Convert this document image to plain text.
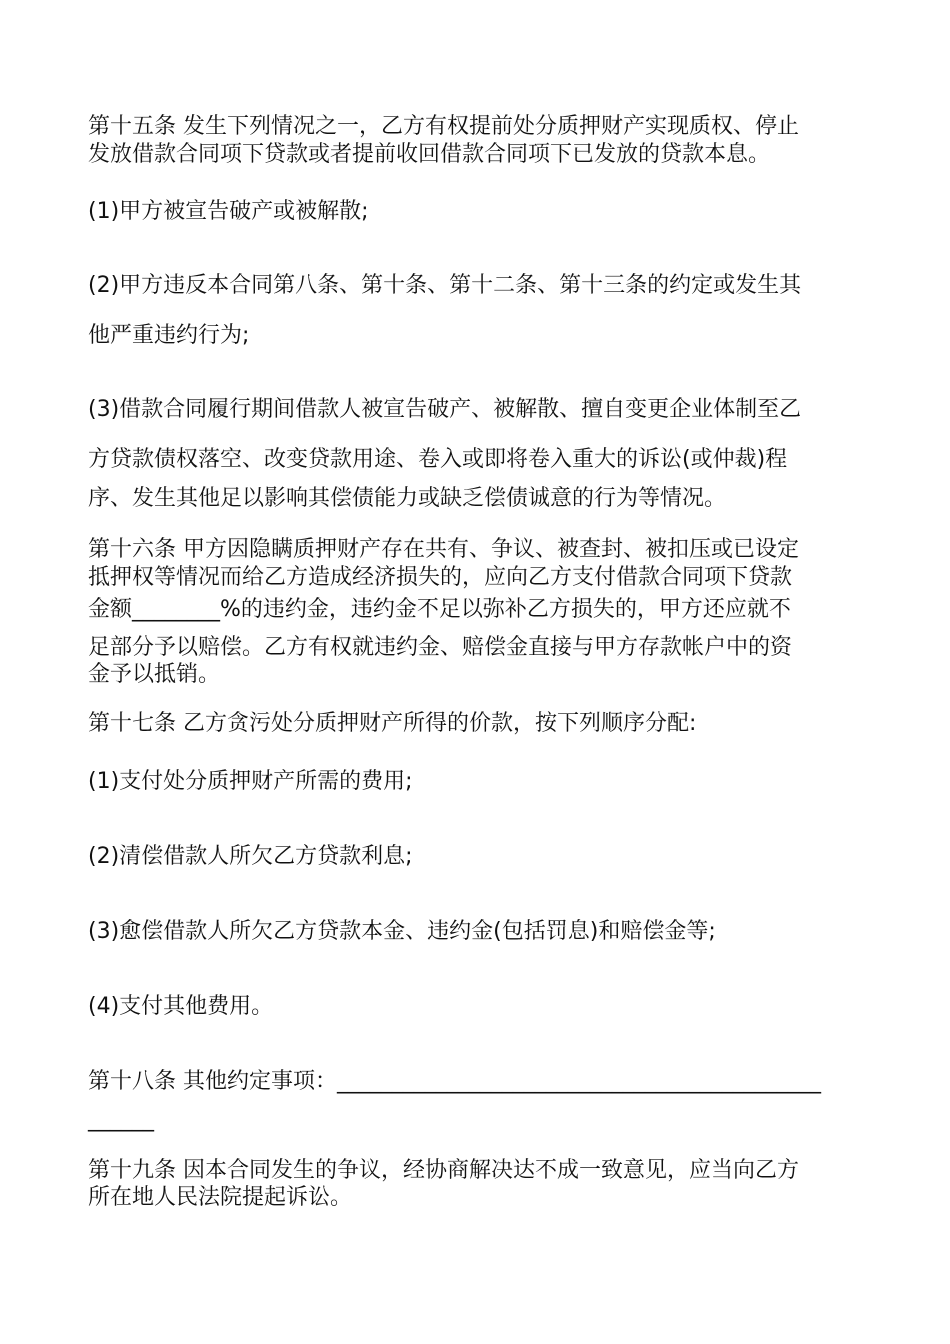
第十五条 发生下列情况之一，乙方有权提前处分质押财产实现质权、停止

发放借款合同项下贷款或者提前收回借款合同项下已发放的贷款本息。

(1)甲方被宣告破产或被解散;

(2)甲方违反本合同第八条、第十条、第十二条、第十三条的约定或发生其

他严重违约行为;

(3)借款合同履行期间借款人被宣告破产、被解散、擅自变更企业体制至乙

方贷款债权落空、改变贷款用途、卷入或即将卷入重大的诉讼(或仲裁)程

序、发生其他足以影响其偿债能力或缺乏偿债诚意的行为等情况。

第十六条 甲方因隐瞒质押财产存在共有、争议、被查封、被扣压或已设定

抵押权等情况而给乙方造成经济损失的，应向乙方支付借款合同项下贷款

金额________%的违约金，违约金不足以弥补乙方损失的，甲方还应就不

足部分予以赔偿。乙方有权就违约金、赔偿金直接与甲方存款帐户中的资

金予以抵销。

第十七条 乙方贪污处分质押财产所得的价款，按下列顺序分配:

(1)支付处分质押财产所需的费用;

(2)清偿借款人所欠乙方贷款利息;

(3)愈偿借款人所欠乙方贷款本金、违约金(包括罚息)和赔偿金等;

(4)支付其他费用。

第十八条 其他约定事项：____________________________________________

______

第十九条 因本合同发生的争议，经协商解决达不成一致意见，应当向乙方

所在地人民法院提起诉讼。
